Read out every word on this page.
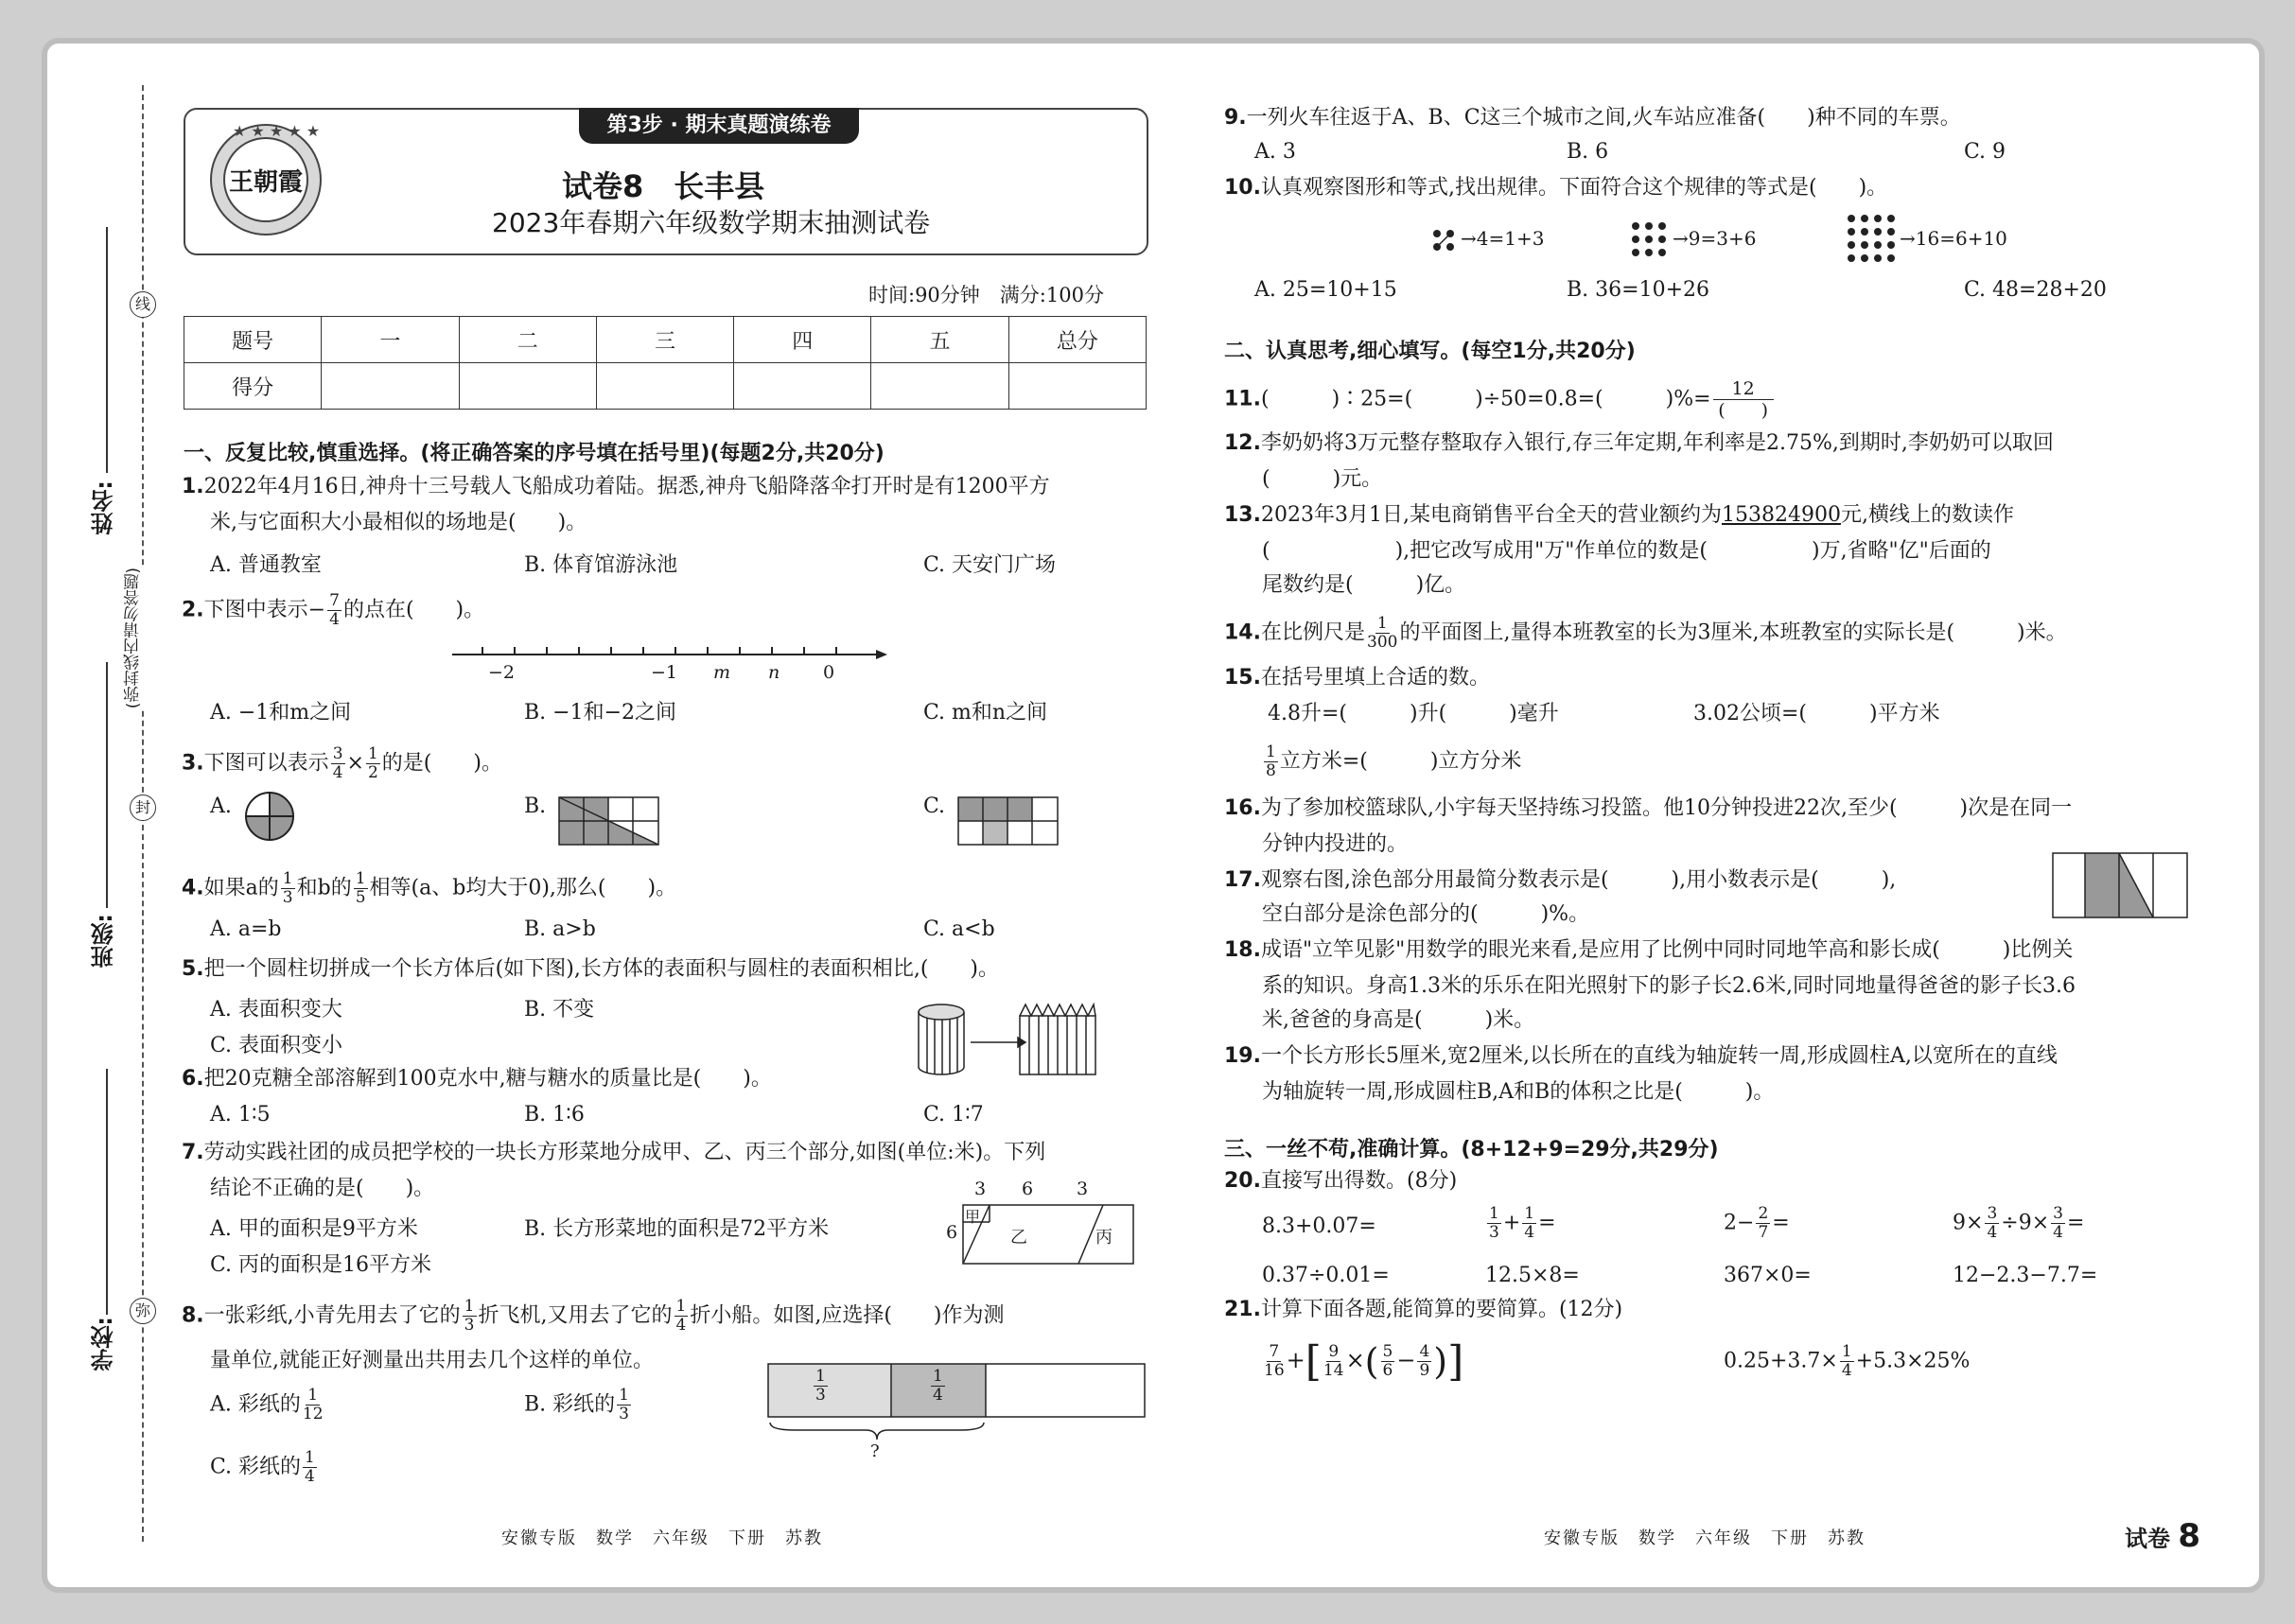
姓名:
班级:
学校:
线
封
弥
(弥封线内请勿答题)
★ ★ ★ ★ ★
王朝霞
第3步 · 期末真题演练卷
试卷8　长丰县
2023年春期六年级数学期末抽测试卷
时间:90分钟　满分:100分
题号	一	二	三	四	五	总分
得分						
一、反复比较,慎重选择。(将正确答案的序号填在括号里)(每题2分,共20分)
1.2022年4月16日,神舟十三号载人飞船成功着陆。据悉,神舟飞船降落伞打开时是有1200平方
米,与它面积大小最相似的场地是(　　)。
A. 普通教室	B. 体育馆游泳池	C. 天安门广场
2.下图中表示− $\frac{7}{4}$ 的点在(　　)。
−2	−1 m n 0
A. −1和m之间	B. −1和−2之间	C. m和n之间
3.下图可以表示 $\frac{3}{4} \times \frac{1}{2}$ 的是(　　)。
A.	B.	C.
4.如果a的 $\frac{1}{3}$ 和b的 $\frac{1}{5}$ 相等(a、b均大于0),那么(　　)。
A. a=b	B. a>b	C. a<b
5.把一个圆柱切拼成一个长方体后(如下图),长方体的表面积与圆柱的表面积相比,(　　)。
A. 表面积变大	B. 不变
C. 表面积变小
6.把20克糖全部溶解到100克水中,糖与糖水的质量比是(　　)。
A. 1∶5	B. 1∶6	C. 1∶7
7.劳动实践社团的成员把学校的一块长方形菜地分成甲、乙、丙三个部分,如图(单位:米)。下列
结论不正确的是(　　)。
A. 甲的面积是9平方米	B. 长方形菜地的面积是72平方米
C. 丙的面积是16平方米
3 6 3
6
甲
乙	丙
8.一张彩纸,小青先用去了它的 $\frac{1}{3}$ 折飞机,又用去了它的 $\frac{1}{4}$ 折小船。如图,应选择(　　)作为测
量单位,就能正好测量出共用去几个这样的单位。
A. 彩纸的 $\frac{1}{12}$	B. 彩纸的 $\frac{1}{3}$
C. 彩纸的 $\frac{1}{4}$
$\frac{1}{3}$	$\frac{1}{4}$
?
安徽专版　数学　六年级　下册　苏教
9.一列火车往返于A、B、C这三个城市之间,火车站应准备(　　)种不同的车票。
A. 3	B. 6	C. 9
10.认真观察图形和等式,找出规律。下面符合这个规律的等式是(　　)。
→4=1+3	→9=3+6	→16=6+10
A. 25=10+15	B. 36=10+26	C. 48=28+20
二、认真思考,细心填写。(每空1分,共20分)
11.(　　　)∶25=(　　　)÷50=0.8=(　　　)%= $\frac{12}{( )}$
12.李奶奶将3万元整存整取存入银行,存三年定期,年利率是2.75%,到期时,李奶奶可以取回
(　　　)元。
13.2023年3月1日,某电商销售平台全天的营业额约为153824900元,横线上的数读作
(　　　　　　),把它改写成用"万"作单位的数是(　　　　　)万,省略"亿"后面的
尾数约是(　　　)亿。
14.在比例尺是 $\frac{1}{300}$ 的平面图上,量得本班教室的长为3厘米,本班教室的实际长是(　　　)米。
15.在括号里填上合适的数。
4.8升=(　　　)升(　　　)毫升	3.02公顷=(　　　)平方米
$\frac{1}{8}$ 立方米=(　　　)立方分米
16.为了参加校篮球队,小宇每天坚持练习投篮。他10分钟投进22次,至少(　　　)次是在同一
分钟内投进的。
17.观察右图,涂色部分用最简分数表示是(　　　),用小数表示是(　　　),
空白部分是涂色部分的(　　　)%。
18.成语"立竿见影"用数学的眼光来看,是应用了比例中同时同地竿高和影长成(　　　)比例关
系的知识。身高1.3米的乐乐在阳光照射下的影子长2.6米,同时同地量得爸爸的影子长3.6
米,爸爸的身高是(　　　)米。
19.一个长方形长5厘米,宽2厘米,以长所在的直线为轴旋转一周,形成圆柱A,以宽所在的直线
为轴旋转一周,形成圆柱B,A和B的体积之比是(　　　)。
三、一丝不苟,准确计算。(8+12+9=29分,共29分)
20.直接写出得数。(8分)
8.3+0.07=	$\frac{1}{3} + \frac{1}{4}$ =	$2- \frac{2}{7}$ =	$9\times \frac{3}{4} \div 9\times \frac{3}{4}$ =
0.37÷0.01=	12.5×8=	367×0=	12−2.3−7.7=
21.计算下面各题,能简算的要简算。(12分)
$\frac{7}{16}$ +[ $\frac{9}{14}$ ×( $\frac{5}{6} - \frac{4}{9}$ )]	$0.25+3.7\times \frac{1}{4} +5.3\times 25\%$
安徽专版　数学　六年级　下册　苏教	试卷 8
